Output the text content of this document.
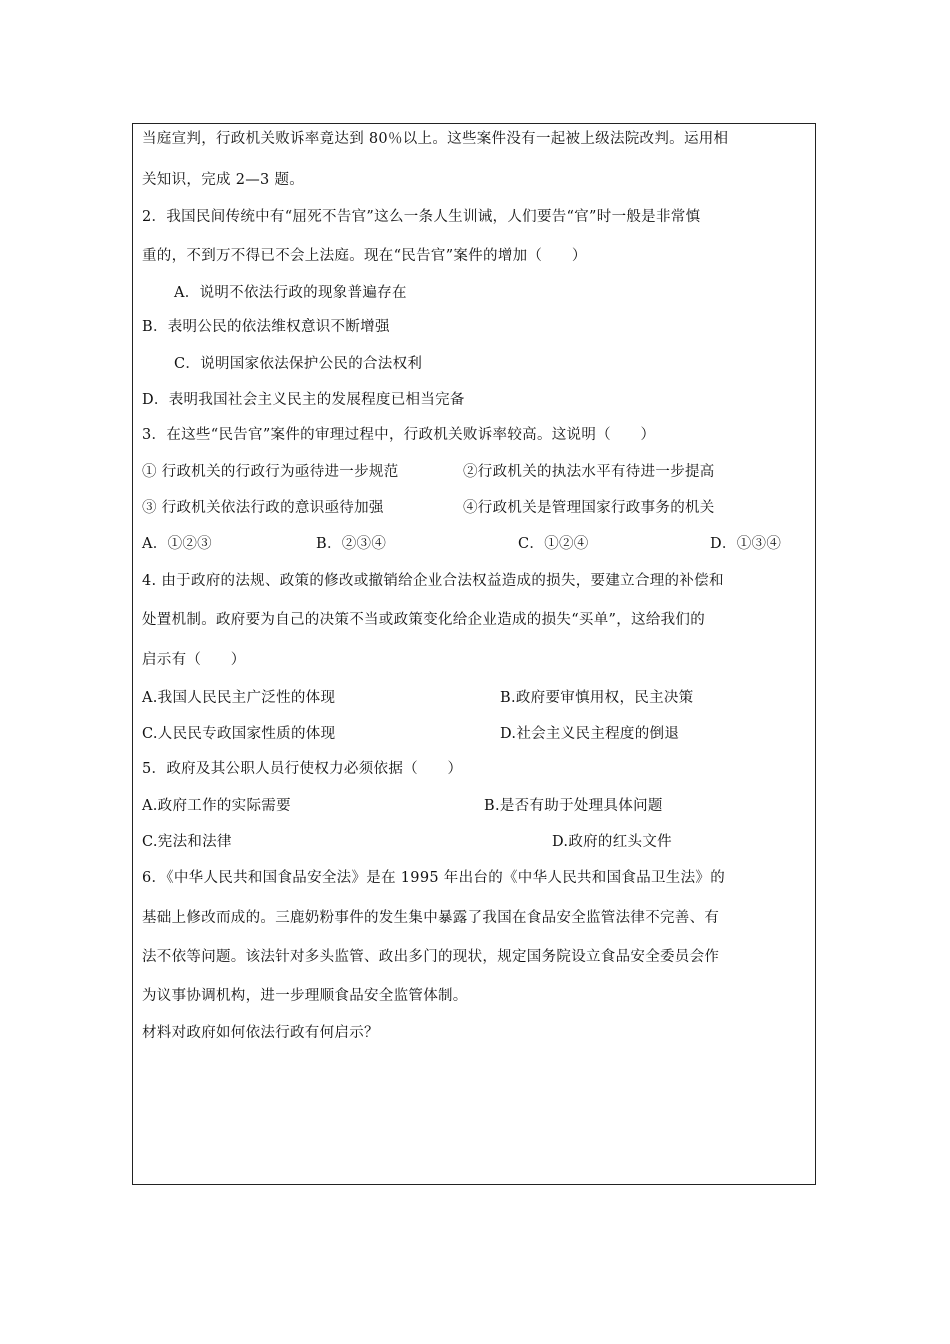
当庭宣判，行政机关败诉率竟达到 80％以上。这些案件没有一起被上级法院改判。运用相
关知识，完成 2—3 题。
2．我国民间传统中有“屈死不告官”这么一条人生训诫，人们要告“官”时一般是非常慎
重的，不到万不得已不会上法庭。现在“民告官”案件的增加（　　）
A．说明不依法行政的现象普遍存在
B．表明公民的依法维权意识不断增强
C．说明国家依法保护公民的合法权利
D．表明我国社会主义民主的发展程度已相当完备
3．在这些“民告官”案件的审理过程中，行政机关败诉率较高。这说明（　　）
① 行政机关的行政行为亟待进一步规范	②行政机关的执法水平有待进一步提高
③ 行政机关依法行政的意识亟待加强	④行政机关是管理国家行政事务的机关
A．①②③	B．②③④	C．①②④	D．①③④
4. 由于政府的法规、政策的修改或撤销给企业合法权益造成的损失，要建立合理的补偿和
处置机制。政府要为自己的决策不当或政策变化给企业造成的损失“买单”，这给我们的
启示有（　　）
A.我国人民民主广泛性的体现	B.政府要审慎用权，民主决策
C.人民民专政国家性质的体现	D.社会主义民主程度的倒退
5．政府及其公职人员行使权力必须依据（　　）
A.政府工作的实际需要	B.是否有助于处理具体问题
C.宪法和法律	D.政府的红头文件
6．《中华人民共和国食品安全法》是在 1995 年出台的《中华人民共和国食品卫生法》的
基础上修改而成的。三鹿奶粉事件的发生集中暴露了我国在食品安全监管法律不完善、有
法不依等问题。该法针对多头监管、政出多门的现状，规定国务院设立食品安全委员会作
为议事协调机构，进一步理顺食品安全监管体制。
材料对政府如何依法行政有何启示？
